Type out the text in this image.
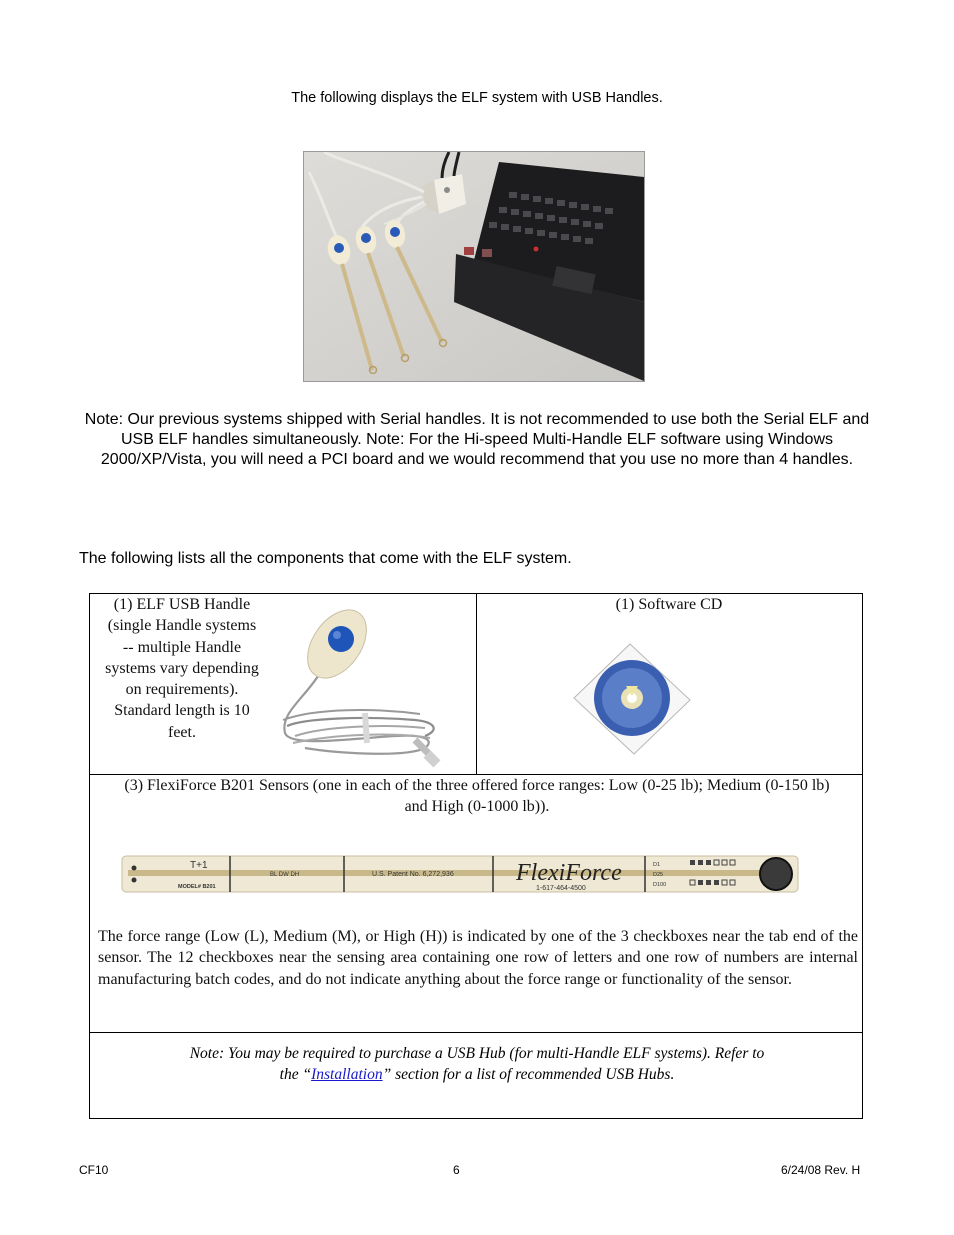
The following displays the ELF system with USB Handles.
Note: Our previous systems shipped with Serial handles. It is not recommended to use both the Serial ELF and USB ELF handles simultaneously. Note: For the Hi-speed Multi-Handle ELF software using Windows 2000/XP/Vista, you will need a PCI board and we would recommend that you use no more than 4 handles.
The following lists all the components that come with the ELF system.
(1) ELF USB Handle
(single Handle systems
-- multiple Handle
systems vary depending
on requirements).
Standard length is 10
feet.
(1) Software CD
(3) FlexiForce B201 Sensors (one in each of the three offered force ranges: Low (0-25 lb); Medium (0-150 lb)
and High (0-1000 lb)).
T+1
MODEL# B201
BL DW DH	U.S. Patent No. 6,272,936	FlexiForce
1-617-464-4500
D1
D25
D100
The force range (Low (L), Medium (M), or High (H)) is indicated by one of the 3 checkboxes near the tab end of the sensor. The 12 checkboxes near the sensing area containing one row of letters and one row of numbers are internal manufacturing batch codes, and do not indicate anything about the force range or functionality of the sensor.
Note: You may be required to purchase a USB Hub (for multi-Handle ELF systems). Refer to
the “Installation” section for a list of recommended USB Hubs.
CF10	6	6/24/08 Rev. H
